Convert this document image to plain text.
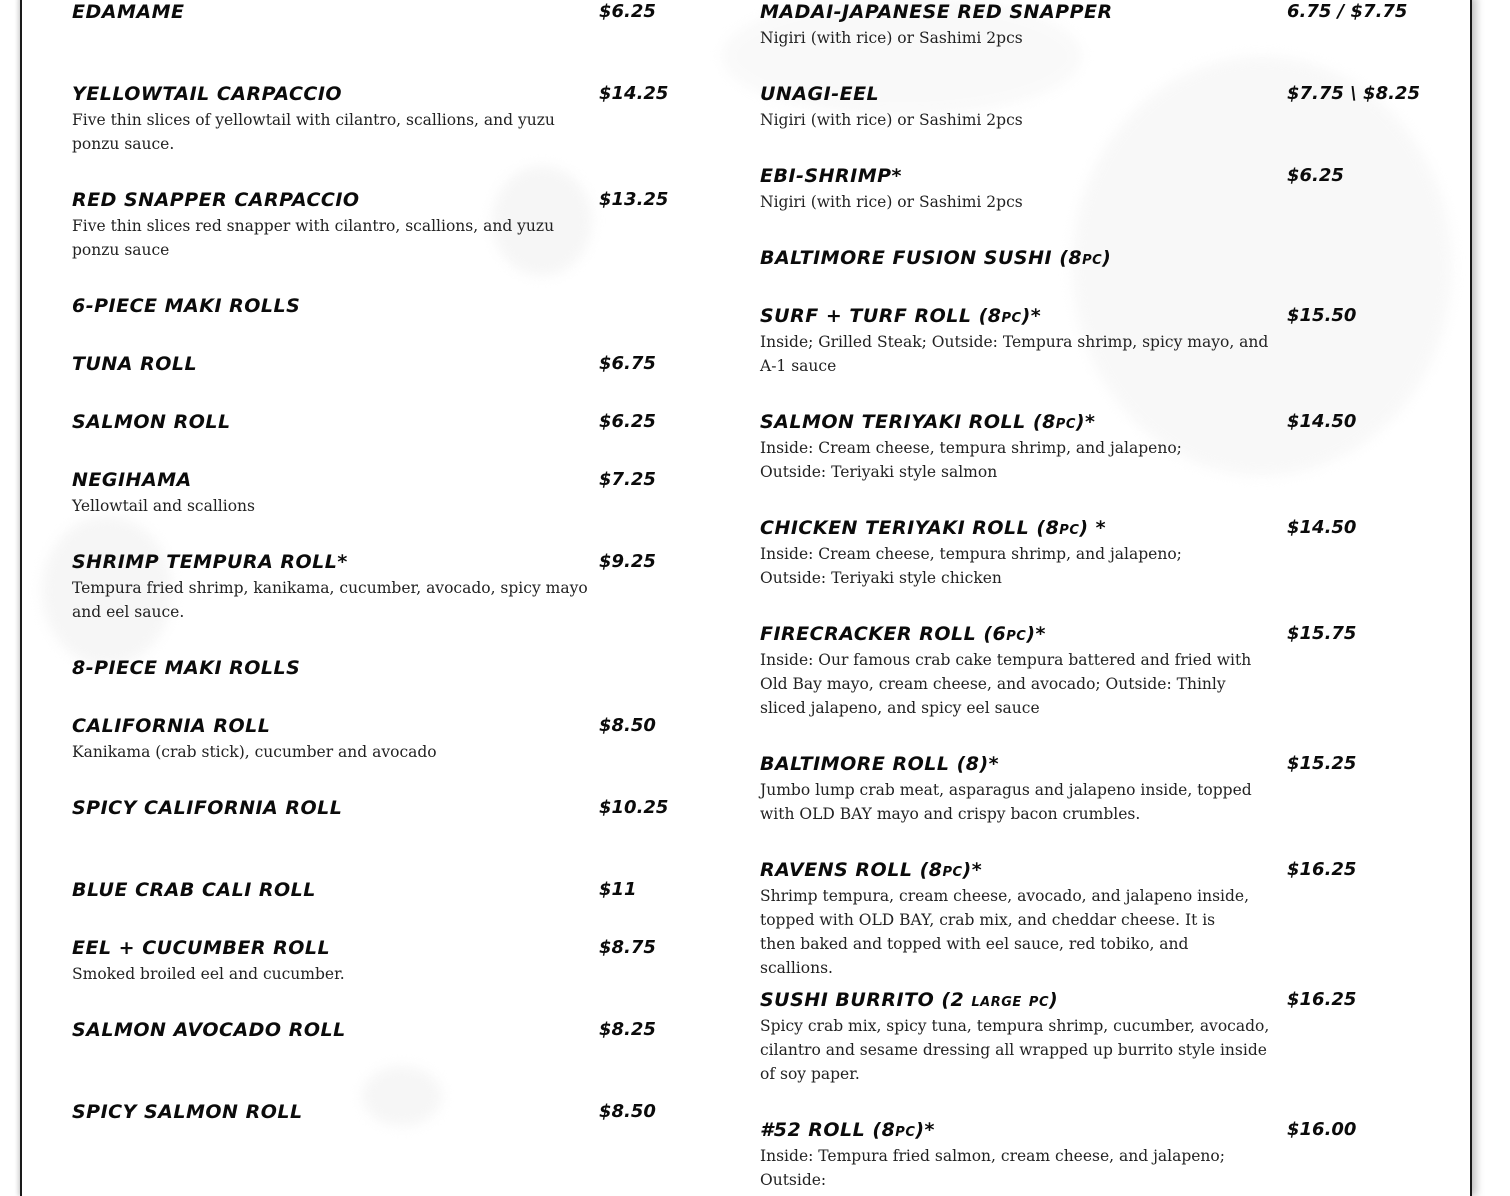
EDAMAME	$6.25
YELLOWTAIL CARPACCIO	$14.25
Five thin slices of yellowtail with cilantro, scallions, and yuzu ponzu sauce.
RED SNAPPER CARPACCIO	$13.25
Five thin slices red snapper with cilantro, scallions, and yuzu ponzu sauce
6-PIECE MAKI ROLLS
TUNA ROLL	$6.75
SALMON ROLL	$6.25
NEGIHAMA	$7.25
Yellowtail and scallions
SHRIMP TEMPURA ROLL*	$9.25
Tempura fried shrimp, kanikama, cucumber, avocado, spicy mayo and eel sauce.
8-PIECE MAKI ROLLS
CALIFORNIA ROLL	$8.50
Kanikama (crab stick), cucumber and avocado
SPICY CALIFORNIA ROLL	$10.25
BLUE CRAB CALI ROLL	$11
EEL + CUCUMBER ROLL	$8.75
Smoked broiled eel and cucumber.
SALMON AVOCADO ROLL	$8.25
SPICY SALMON ROLL	$8.50
MADAI-JAPANESE RED SNAPPER	6.75 / $7.75
Nigiri (with rice) or Sashimi 2pcs
UNAGI-EEL	$7.75 \ $8.25
Nigiri (with rice) or Sashimi 2pcs
EBI-SHRIMP*	$6.25
Nigiri (with rice) or Sashimi 2pcs
BALTIMORE FUSION SUSHI (8pc)
SURF + TURF ROLL (8pc)*	$15.50
Inside; Grilled Steak; Outside: Tempura shrimp, spicy mayo, and A-1 sauce
SALMON TERIYAKI ROLL (8pc)*	$14.50
Inside: Cream cheese, tempura shrimp, and jalapeno; Outside: Teriyaki style salmon
CHICKEN TERIYAKI ROLL (8pc) *	$14.50
Inside: Cream cheese, tempura shrimp, and jalapeno; Outside: Teriyaki style chicken
FIRECRACKER ROLL (6pc)*	$15.75
Inside: Our famous crab cake tempura battered and fried with Old Bay mayo, cream cheese, and avocado; Outside: Thinly sliced jalapeno, and spicy eel sauce
BALTIMORE ROLL (8)*	$15.25
Jumbo lump crab meat, asparagus and jalapeno inside, topped with OLD BAY mayo and crispy bacon crumbles.
RAVENS ROLL (8pc)*	$16.25
Shrimp tempura, cream cheese, avocado, and jalapeno inside, topped with OLD BAY, crab mix, and cheddar cheese. It is then baked and topped with eel sauce, red tobiko, and scallions.
SUSHI BURRITO (2 large pc)	$16.25
Spicy crab mix, spicy tuna, tempura shrimp, cucumber, avocado, cilantro and sesame dressing all wrapped up burrito style inside of soy paper.
#52 ROLL (8pc)*	$16.00
Inside: Tempura fried salmon, cream cheese, and jalapeno; Outside:
